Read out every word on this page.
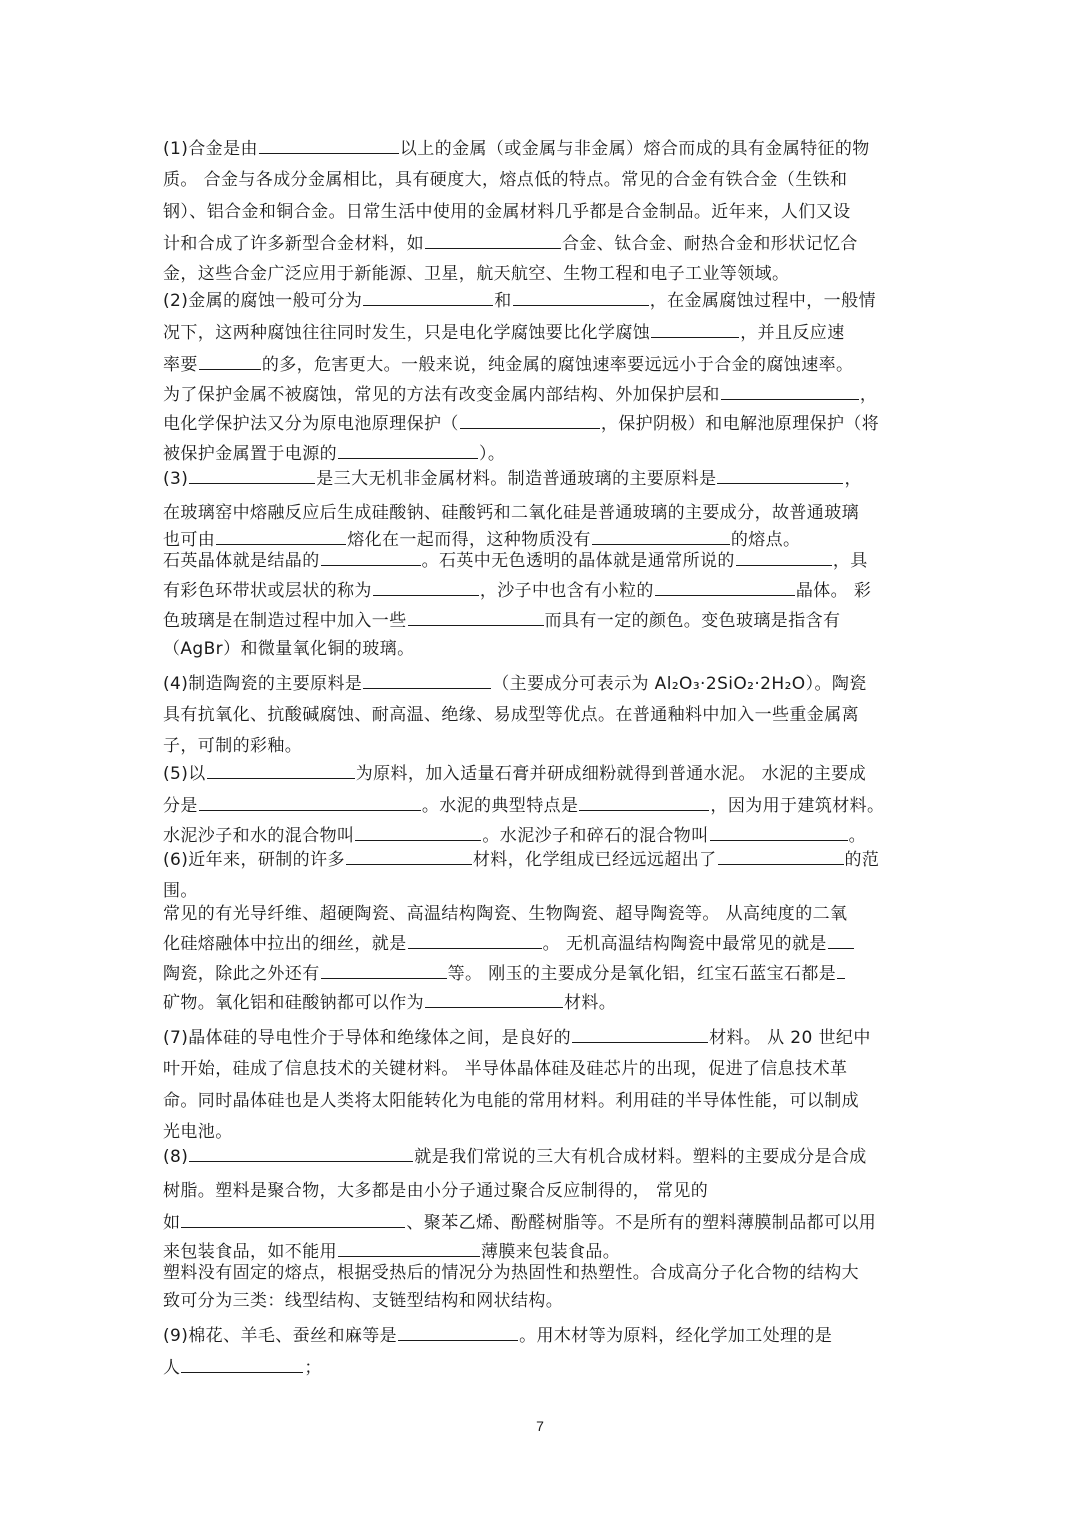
(1)合金是由	以上的金属（或金属与非金属）熔合而成的具有金属特征的物
质。 合金与各成分金属相比，具有硬度大，熔点低的特点。常见的合金有铁合金（生铁和
钢）、铝合金和铜合金。日常生活中使用的金属材料几乎都是合金制品。近年来，人们又设
计和合成了许多新型合金材料，如	合金、钛合金、耐热合金和形状记忆合
金，这些合金广泛应用于新能源、卫星，航天航空、生物工程和电子工业等领域。
(2)金属的腐蚀一般可分为	和	，在金属腐蚀过程中，一般情
况下，这两种腐蚀往往同时发生，只是电化学腐蚀要比化学腐蚀	，并且反应速
率要	的多，危害更大。一般来说，纯金属的腐蚀速率要远远小于合金的腐蚀速率。
为了保护金属不被腐蚀，常见的方法有改变金属内部结构、外加保护层和	，
电化学保护法又分为原电池原理保护（	，保护阴极）和电解池原理保护（将
被保护金属置于电源的	）。
(3)	是三大无机非金属材料。制造普通玻璃的主要原料是	，
在玻璃窑中熔融反应后生成硅酸钠、硅酸钙和二氧化硅是普通玻璃的主要成分，故普通玻璃
也可由	熔化在一起而得，这种物质没有	的熔点。
石英晶体就是结晶的	。石英中无色透明的晶体就是通常所说的	，具
有彩色环带状或层状的称为	，沙子中也含有小粒的	晶体。 彩
色玻璃是在制造过程中加入一些	而具有一定的颜色。变色玻璃是指含有
（AgBr）和微量氧化铜的玻璃。
(4)制造陶瓷的主要原料是	（主要成分可表示为 Al₂O₃·2SiO₂·2H₂O）。陶瓷
具有抗氧化、抗酸碱腐蚀、耐高温、绝缘、易成型等优点。在普通釉料中加入一些重金属离
子，可制的彩釉。
(5)以	为原料，加入适量石膏并研成细粉就得到普通水泥。 水泥的主要成
分是	。水泥的典型特点是	，因为用于建筑材料。
水泥沙子和水的混合物叫	。水泥沙子和碎石的混合物叫	。
(6)近年来，研制的许多	材料，化学组成已经远远超出了	的范
围。
常见的有光导纤维、超硬陶瓷、高温结构陶瓷、生物陶瓷、超导陶瓷等。 从高纯度的二氧
化硅熔融体中拉出的细丝，就是	。 无机高温结构陶瓷中最常见的就是
陶瓷，除此之外还有	等。 刚玉的主要成分是氧化铝，红宝石蓝宝石都是
矿物。氧化铝和硅酸钠都可以作为	材料。
(7)晶体硅的导电性介于导体和绝缘体之间，是良好的	材料。 从 20 世纪中
叶开始，硅成了信息技术的关键材料。 半导体晶体硅及硅芯片的出现，促进了信息技术革
命。同时晶体硅也是人类将太阳能转化为电能的常用材料。利用硅的半导体性能，可以制成
光电池。
(8)	就是我们常说的三大有机合成材料。塑料的主要成分是合成
树脂。塑料是聚合物，大多都是由小分子通过聚合反应制得的， 常见的
如	、聚苯乙烯、酚醛树脂等。不是所有的塑料薄膜制品都可以用
来包装食品，如不能用	薄膜来包装食品。
塑料没有固定的熔点，根据受热后的情况分为热固性和热塑性。合成高分子化合物的结构大
致可分为三类：线型结构、支链型结构和网状结构。
(9)棉花、羊毛、蚕丝和麻等是	。用木材等为原料，经化学加工处理的是
人	；
7
